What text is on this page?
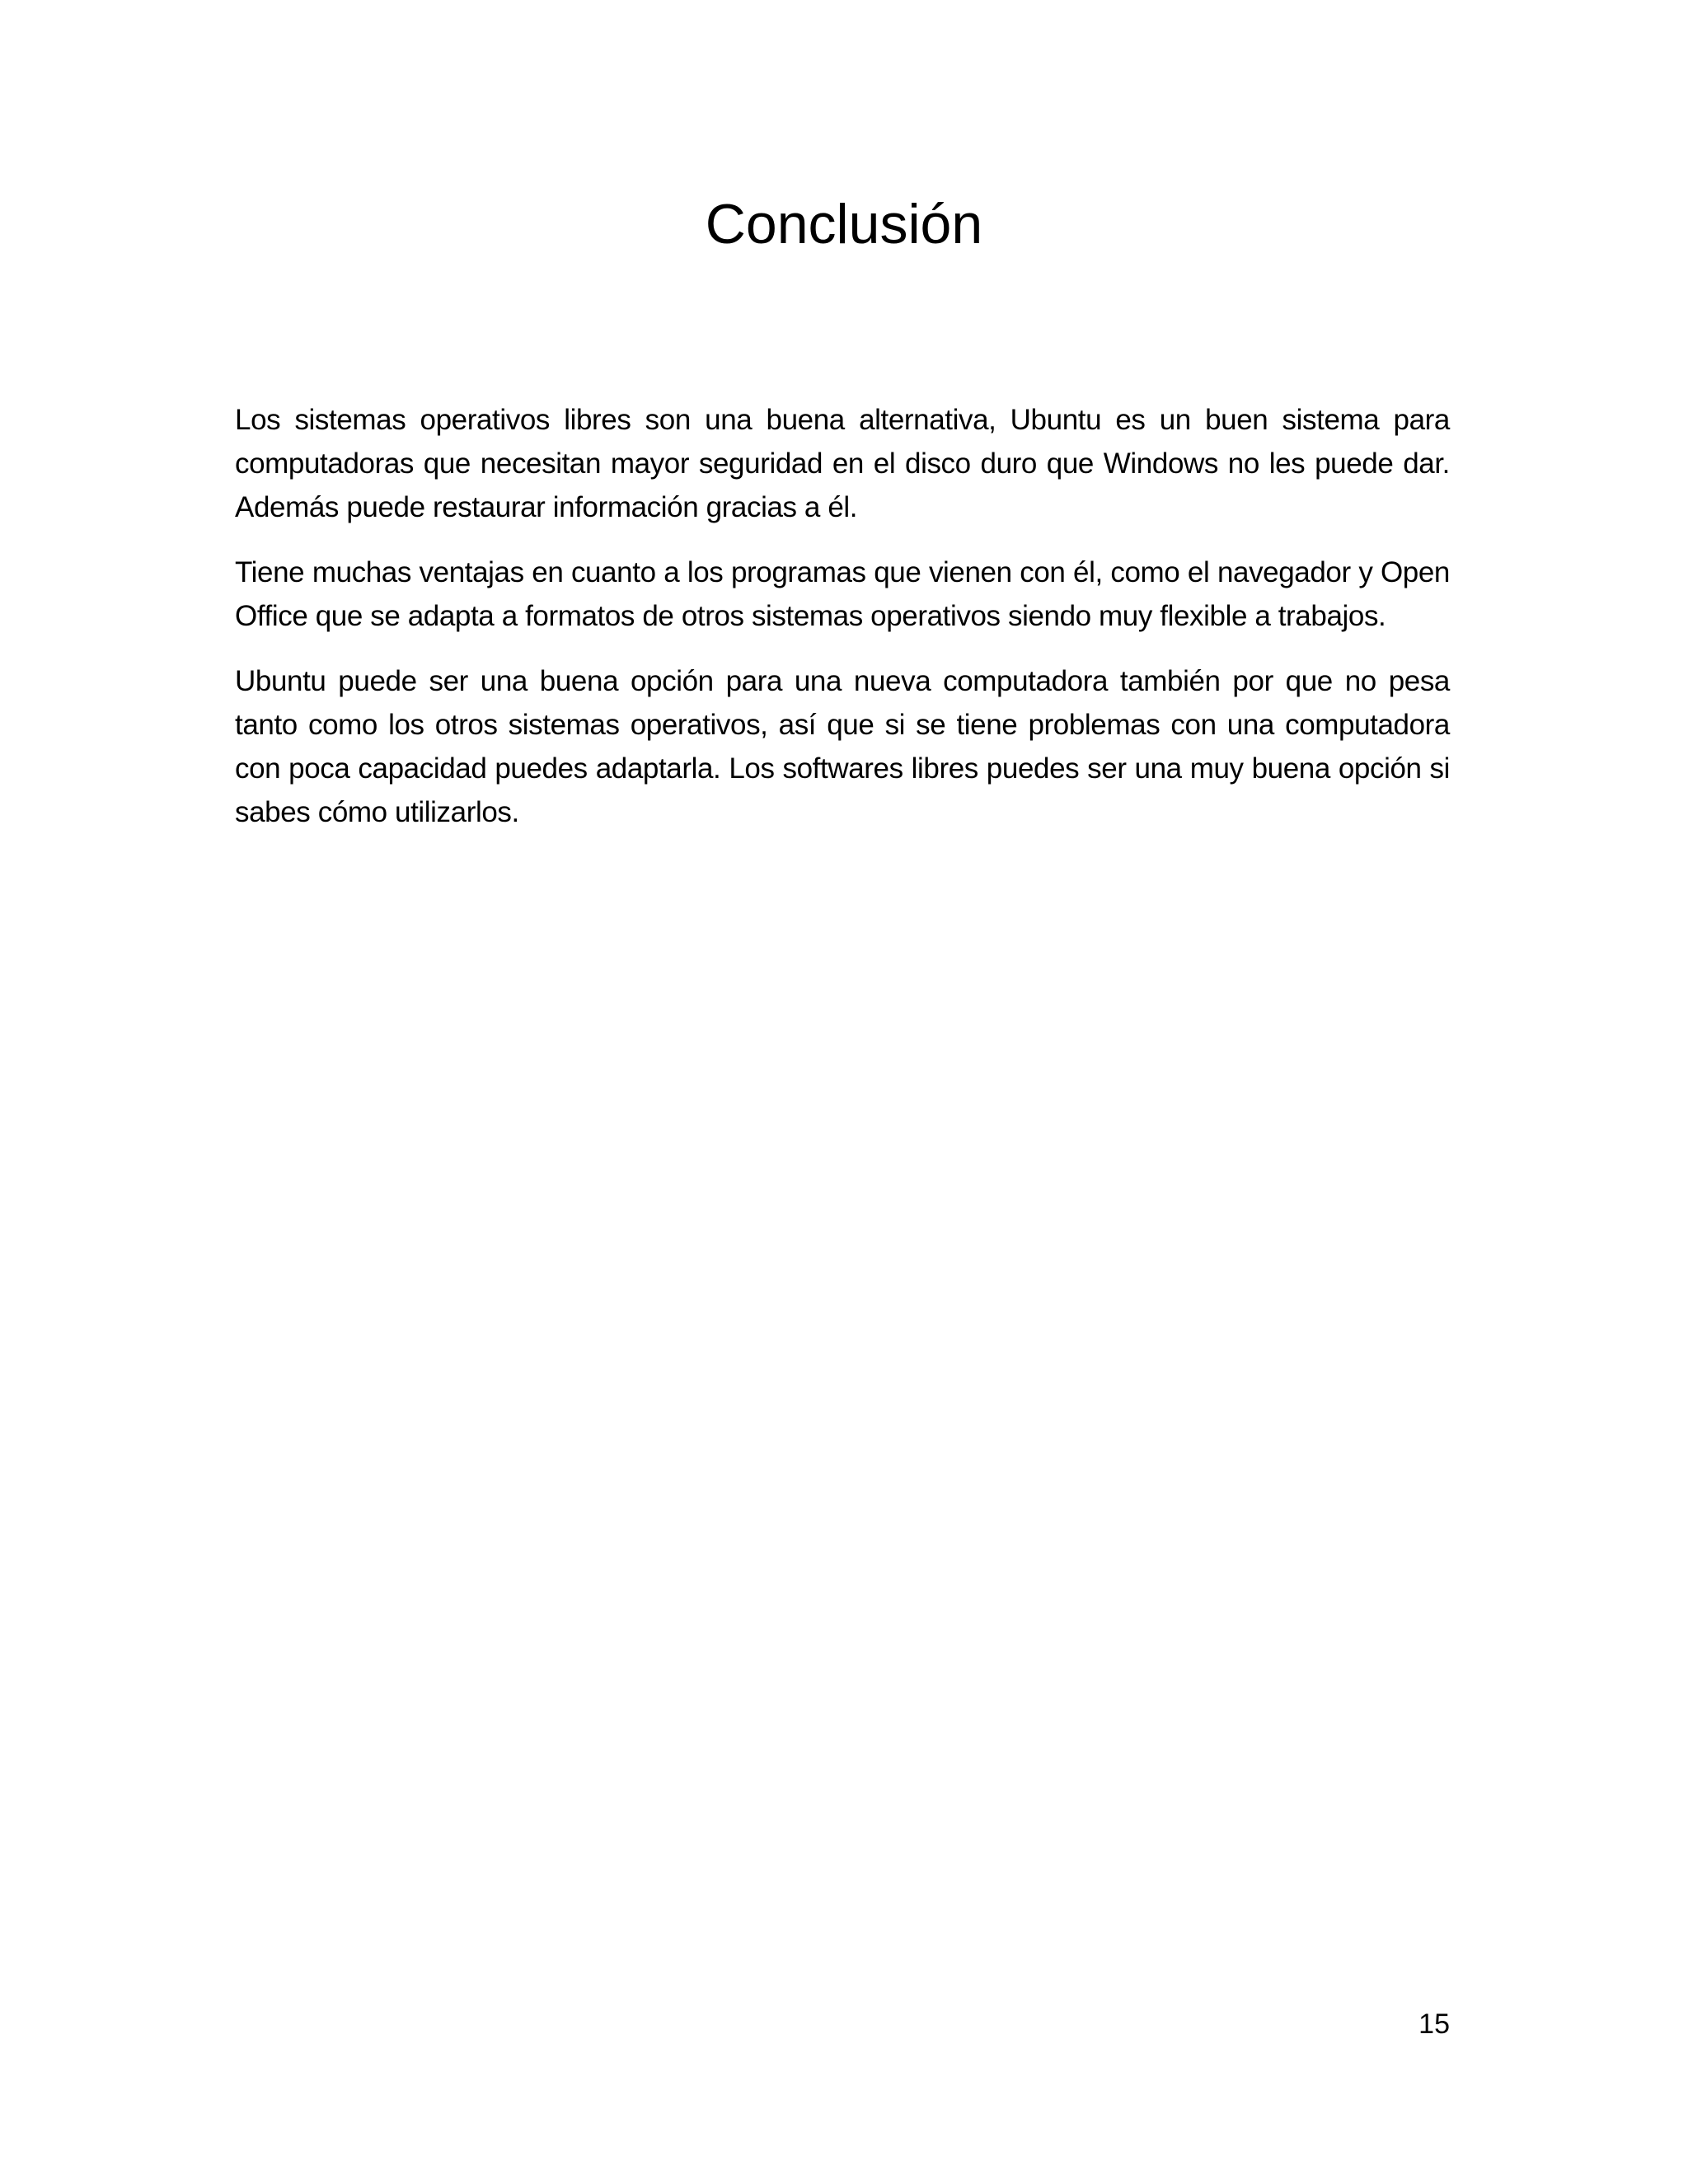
Conclusión

Los sistemas operativos libres son una buena alternativa, Ubuntu es un buen sistema para computadoras que necesitan mayor seguridad en el disco duro que Windows no les puede dar. Además puede restaurar información gracias a él.

Tiene muchas ventajas en cuanto a los programas que vienen con él, como el navegador y Open Office que se adapta a formatos de otros sistemas operativos siendo muy flexible a trabajos.

Ubuntu puede ser una buena opción para una nueva computadora también por que no pesa tanto como los otros sistemas operativos, así que si se tiene problemas con una computadora con poca capacidad puedes adaptarla. Los softwares libres puedes ser una muy buena opción si sabes cómo utilizarlos.

15
